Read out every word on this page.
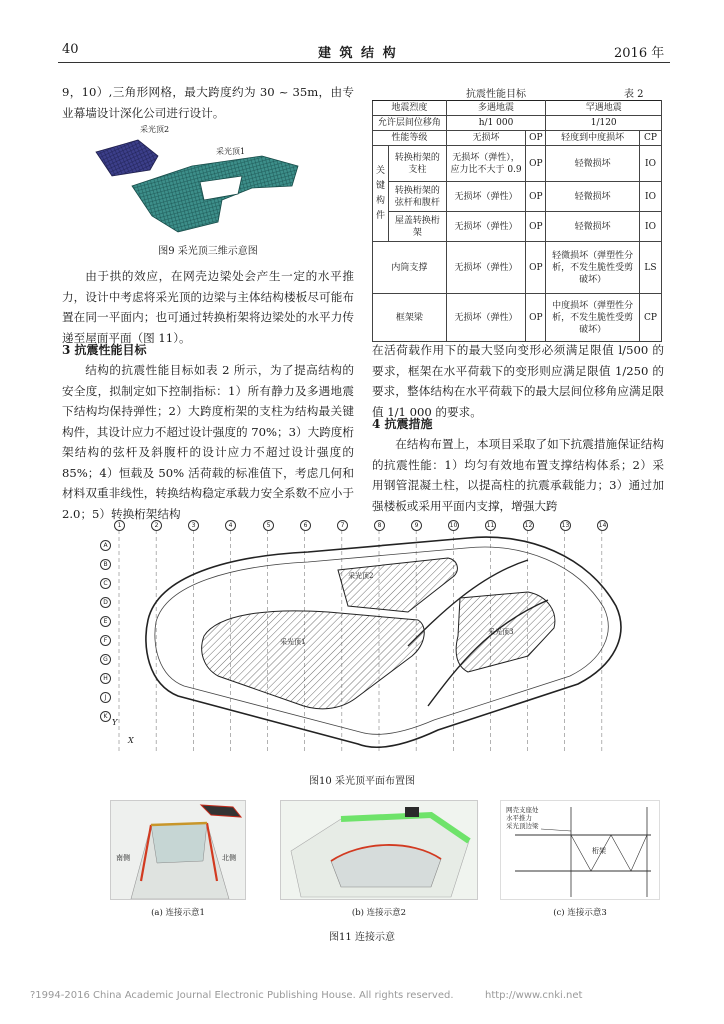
40	建 筑 结 构	2016 年
9，10）,三角形网格，最大跨度约为 30 ~ 35m，由专业幕墙设计深化公司进行设计。
采光顶2
采光顶1
图9 采光顶三维示意图
由于拱的效应，在网壳边梁处会产生一定的水平推力，设计中考虑将采光顶的边梁与主体结构楼板尽可能布置在同一平面内；也可通过转换桁架将边梁处的水平力传递至屋面平面（图 11）。
3 抗震性能目标
结构的抗震性能目标如表 2 所示，为了提高结构的安全度，拟制定如下控制指标：1）所有静力及多遇地震下结构均保持弹性；2）大跨度桁架的支柱为结构最关键构件，其设计应力不超过设计强度的 70%；3）大跨度桁架结构的弦杆及斜腹杆的设计应力不超过设计强度的 85%；4）恒载及 50% 活荷载的标准值下，考虑几何和材料双重非线性，转换结构稳定承载力安全系数不应小于 2.0；5）转换桁架结构
抗震性能目标	表 2
地震烈度		多遇地震		罕遇地震	
允许层间位移角		h/1 000		1/120	
性能等级		无损坏	OP	轻度到中度损坏	CP
关键构件	转换桁架的支柱	无损坏（弹性），应力比不大于 0.9	OP	轻微损坏	IO
	转换桁架的弦杆和腹杆	无损坏（弹性）	OP	轻微损坏	IO
	屋盖转换桁架	无损坏（弹性）	OP	轻微损坏	IO
内筒支撑		无损坏（弹性）	OP	轻微损坏（弹塑性分析，不发生脆性受剪破坏）	LS
框架梁		无损坏（弹性）	OP	中度损坏（弹塑性分析，不发生脆性受剪破坏）	CP
在活荷载作用下的最大竖向变形必须满足限值 l/500 的要求，框架在水平荷载下的变形则应满足限值 1/250 的要求，整体结构在水平荷载下的最大层间位移角应满足限值 1/1 000 的要求。
4 抗震措施
在结构布置上，本项目采取了如下抗震措施保证结构的抗震性能：1）均匀有效地布置支撑结构体系；2）采用钢管混凝土柱，以提高柱的抗震承载能力；3）通过加强楼板或采用平面内支撑，增强大跨
采光顶2
采光顶1
采光顶3
1	2	3	4	5	6	7	8	9	10	11	12	13	14
A
B
C
D
E
F
G
H
J
K
Y
X
图10 采光顶平面布置图
南侧	北侧
网壳支座处
水平推力
采光顶边梁
桁架
(a) 连接示意1	(b) 连接示意2	(c) 连接示意3
图11 连接示意
?1994-2016 China Academic Journal Electronic Publishing House. All rights reserved.	http://www.cnki.net
